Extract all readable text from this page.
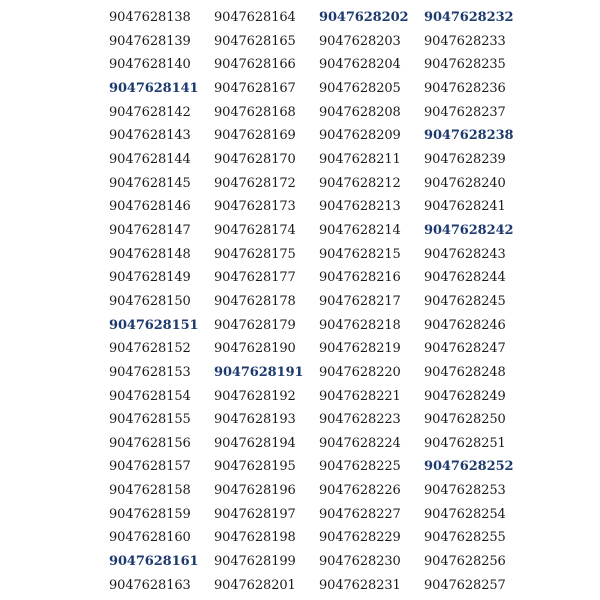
9047628138
9047628139
9047628140
9047628141
9047628142
9047628143
9047628144
9047628145
9047628146
9047628147
9047628148
9047628149
9047628150
9047628151
9047628152
9047628153
9047628154
9047628155
9047628156
9047628157
9047628158
9047628159
9047628160
9047628161
9047628163
9047628164
9047628165
9047628166
9047628167
9047628168
9047628169
9047628170
9047628172
9047628173
9047628174
9047628175
9047628177
9047628178
9047628179
9047628190
9047628191
9047628192
9047628193
9047628194
9047628195
9047628196
9047628197
9047628198
9047628199
9047628201
9047628202
9047628203
9047628204
9047628205
9047628208
9047628209
9047628211
9047628212
9047628213
9047628214
9047628215
9047628216
9047628217
9047628218
9047628219
9047628220
9047628221
9047628223
9047628224
9047628225
9047628226
9047628227
9047628229
9047628230
9047628231
9047628232
9047628233
9047628235
9047628236
9047628237
9047628238
9047628239
9047628240
9047628241
9047628242
9047628243
9047628244
9047628245
9047628246
9047628247
9047628248
9047628249
9047628250
9047628251
9047628252
9047628253
9047628254
9047628255
9047628256
9047628257
